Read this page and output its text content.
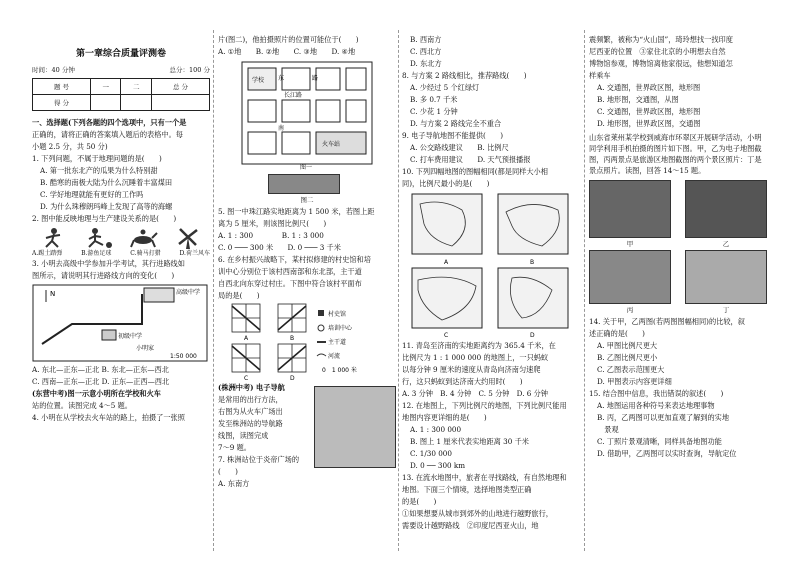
第一章综合质量评测卷

时间：40 分钟	总分：100 分
题 号	一	二	总 分
得 分			

一、选择题(下列各题的四个选项中，只有一个是

正确的，请将正确的答案填入题后的表格中。每

小题 2.5 分，共 50 分)

1. 下列问题，不属于地理问题的是(　　)

A. 第一批东北产的瓜果为什么特别甜

B. 酷寒的南极大陆为什么沉睡着丰富煤田

C. 学好地理就能有更好的工作吗

D. 为什么珠穆朗玛峰上发现了高等的海螺

2. 图中能反映地理与生产建设关系的是(　　)

A.踢土踏弹	B.游鱼足球	C.骑马打猎	D.荷兰风车

3. 小明去高级中学参加升学考试，其行进路线如

图所示，请说明其行进路线方向的变化(　　)

N	高级中学
初级中学
小明家
1:50 000

A. 东北—正东—正北 B. 东北—正东—西北

C. 西南—正东—正北 D. 正东—正西—西北

(东营中考)图一示意小明所在学校和火车

站的位置。读图完成 4～5 题。

4. 小明在从学校去火车站的路上，拍摄了一张照

片(图二)，他拍摄照片的位置可能位于(　　)

A. ①地　　B. ②地　　C. ③地　　D. ④地

学校
火车站
长江路
东	路
南
图一

图二

5. 图一中珠江路实地距离为 1 500 米，若图上距

离为 5 厘米，则该图比例尺(　　)

A. 1 : 300　　　　B. 1 : 3 000

C. 0 ─── 300 米　　D. 0 ─── 3 千米

6. 在乡村振兴战略下，某村拟修建的村史馆和培

训中心分别位于该村西南部和东北部，主干道

自西北向东穿过村庄。下图中符合该村平面布

局的是(　　)

A	B
C	D
村史馆
培训中心
主干道
河流
0　1 000 米

(株洲中考) 电子导航

是常用的出行方法，

右图为从火车广场出

发至株洲站的导航路

线图，读图完成

7～9 题。

7. 株洲站位于炎帝广场的

(　　)

A. 东南方

B. 西南方

C. 西北方

D. 东北方

8. 与方案 2 路线相比，推荐路线(　　)

A. 少经过 5 个红绿灯

B. 多 0.7 千米

C. 少花 1 分钟

D. 与方案 2 路线完全不重合

9. 电子导航地图不能提供(　　)

A. 公交路线建议　　B. 比例尺

C. 打车费用建议　　D. 天气预报播报

10. 下列四幅地图的图幅相同(都是同样大小相

同)，比例尺最小的是(　　)

A	B
C	D

11. 青岛至济南的实地距离约为 365.4 千米，在

比例尺为 1 : 1 000 000 的地图上，一只蚂蚁

以每分钟 9 厘米的速度从青岛向济南匀速爬

行，这只蚂蚁到达济南大约用时(　　)

A. 3 分钟　B. 4 分钟　C. 5 分钟　D. 6 分钟

12. 在地图上，下列比例尺的地图，下列比例尺能用

地图内容更详细的是(　　)

A. 1 : 300 000

B. 图上 1 厘米代表实地距离 30 千米

C. 1/30 000

D. 0 ── 300 km

13. 在流水地图中，旅者在寻找路线，有自然地理和

地图。下面三个情境，选择地图类型正确

的是(　　)

①如果想要从城市到郊外的山地进行越野旅行，

需要设计越野路线　②印度尼西亚火山，地

震频繁，被称为“火山国”，琦玲想找一找印度

尼西亚的位置　③家住北京的小明想去自然

博物馆参观，博物馆离他家很远，他想知道怎

样乘车

A. 交通图，世界政区图，地形图

B. 地形图，交通图，从图

C. 交通图，世界政区图，地形图

D. 地形图，世界政区图，交通图

山东省莱州某学校到威海市环翠区开展研学活动，小明同学利用手机拍摄的图片如下图。甲，乙为电子地图截图，丙两景点是旅游区地图截图的两个景区照片：丁是景点照片。读图，回答 14～15 题。

甲	乙

丙	丁

14. 关于甲，乙两图(若两图图幅相同)的比较，叙

述正确的是(　　)

A. 甲图比例尺更大

B. 乙图比例尺更小

C. 乙图表示范围更大

D. 甲图表示内容更详细

15. 结合图中信息，我出错误的叙述(　　)

A. 地图运用各种符号来表达地理事物

B. 丙，乙两图可以更加直观了解到的实地

　景观

C. 丁照片景观清晰，同样具备地图功能

D. 借助甲，乙两图可以实时查询，导航定位
